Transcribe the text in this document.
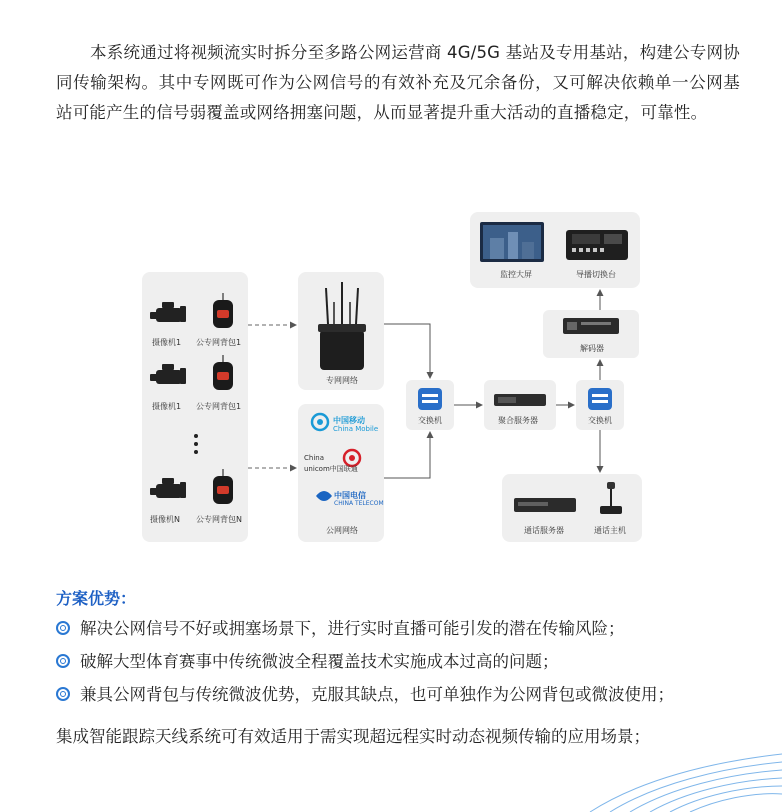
本系统通过将视频流实时拆分至多路公网运营商 4G/5G 基站及专用基站，构建公专网协同传输架构。其中专网既可作为公网信号的有效补充及冗余备份，又可解决依赖单一公网基站可能产生的信号弱覆盖或网络拥塞问题，从而显著提升重大活动的直播稳定，可靠性。

摄像机1 公专网背包1
摄像机1 公专网背包1
摄像机N 公专网背包N
专网网络
公网网络
交换机	聚合服务器	交换机
解码器
监控大屏	导播切换台
通话服务器	通话主机
中国移动
China Mobile
China
unicom中国联通
中国电信
CHINA TELECOM
方案优势：
解决公网信号不好或拥塞场景下，进行实时直播可能引发的潜在传输风险；
破解大型体育赛事中传统微波全程覆盖技术实施成本过高的问题；
兼具公网背包与传统微波优势，克服其缺点，也可单独作为公网背包或微波使用；

集成智能跟踪天线系统可有效适用于需实现超远程实时动态视频传输的应用场景；
